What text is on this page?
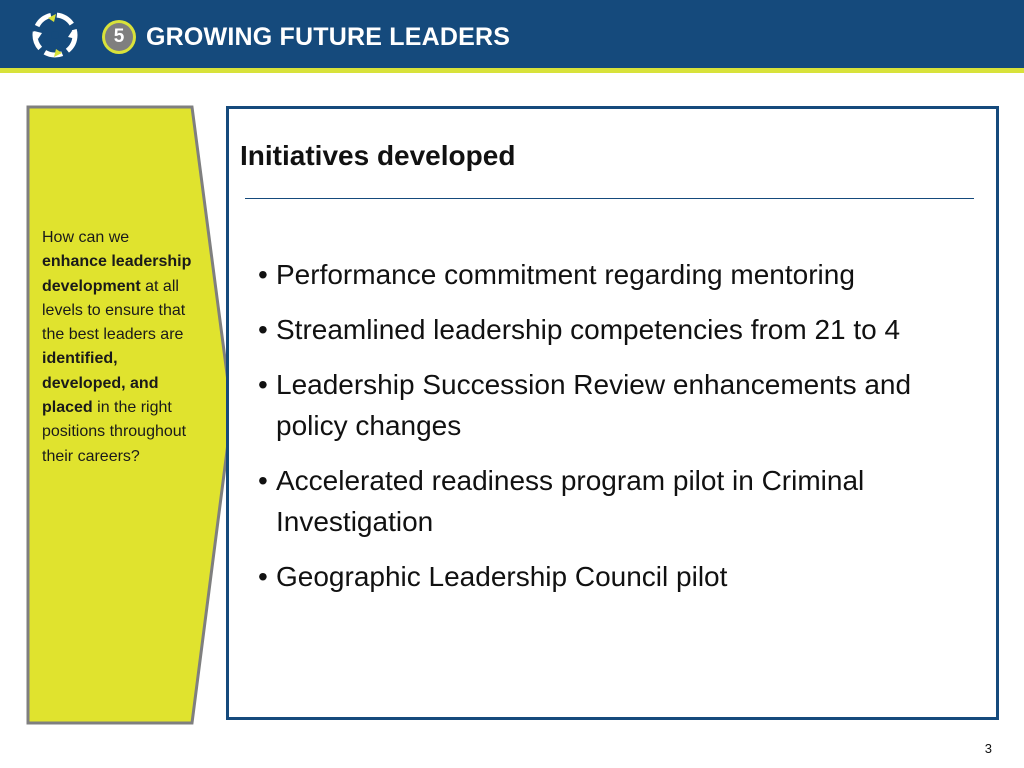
5 GROWING FUTURE LEADERS
How can we enhance leadership development at all levels to ensure that the best leaders are identified, developed, and placed in the right positions throughout their careers?
Initiatives developed
• Performance commitment regarding mentoring
• Streamlined leadership competencies from 21 to 4
• Leadership Succession Review enhancements and policy changes
• Accelerated readiness program pilot in Criminal Investigation
• Geographic Leadership Council pilot
3
